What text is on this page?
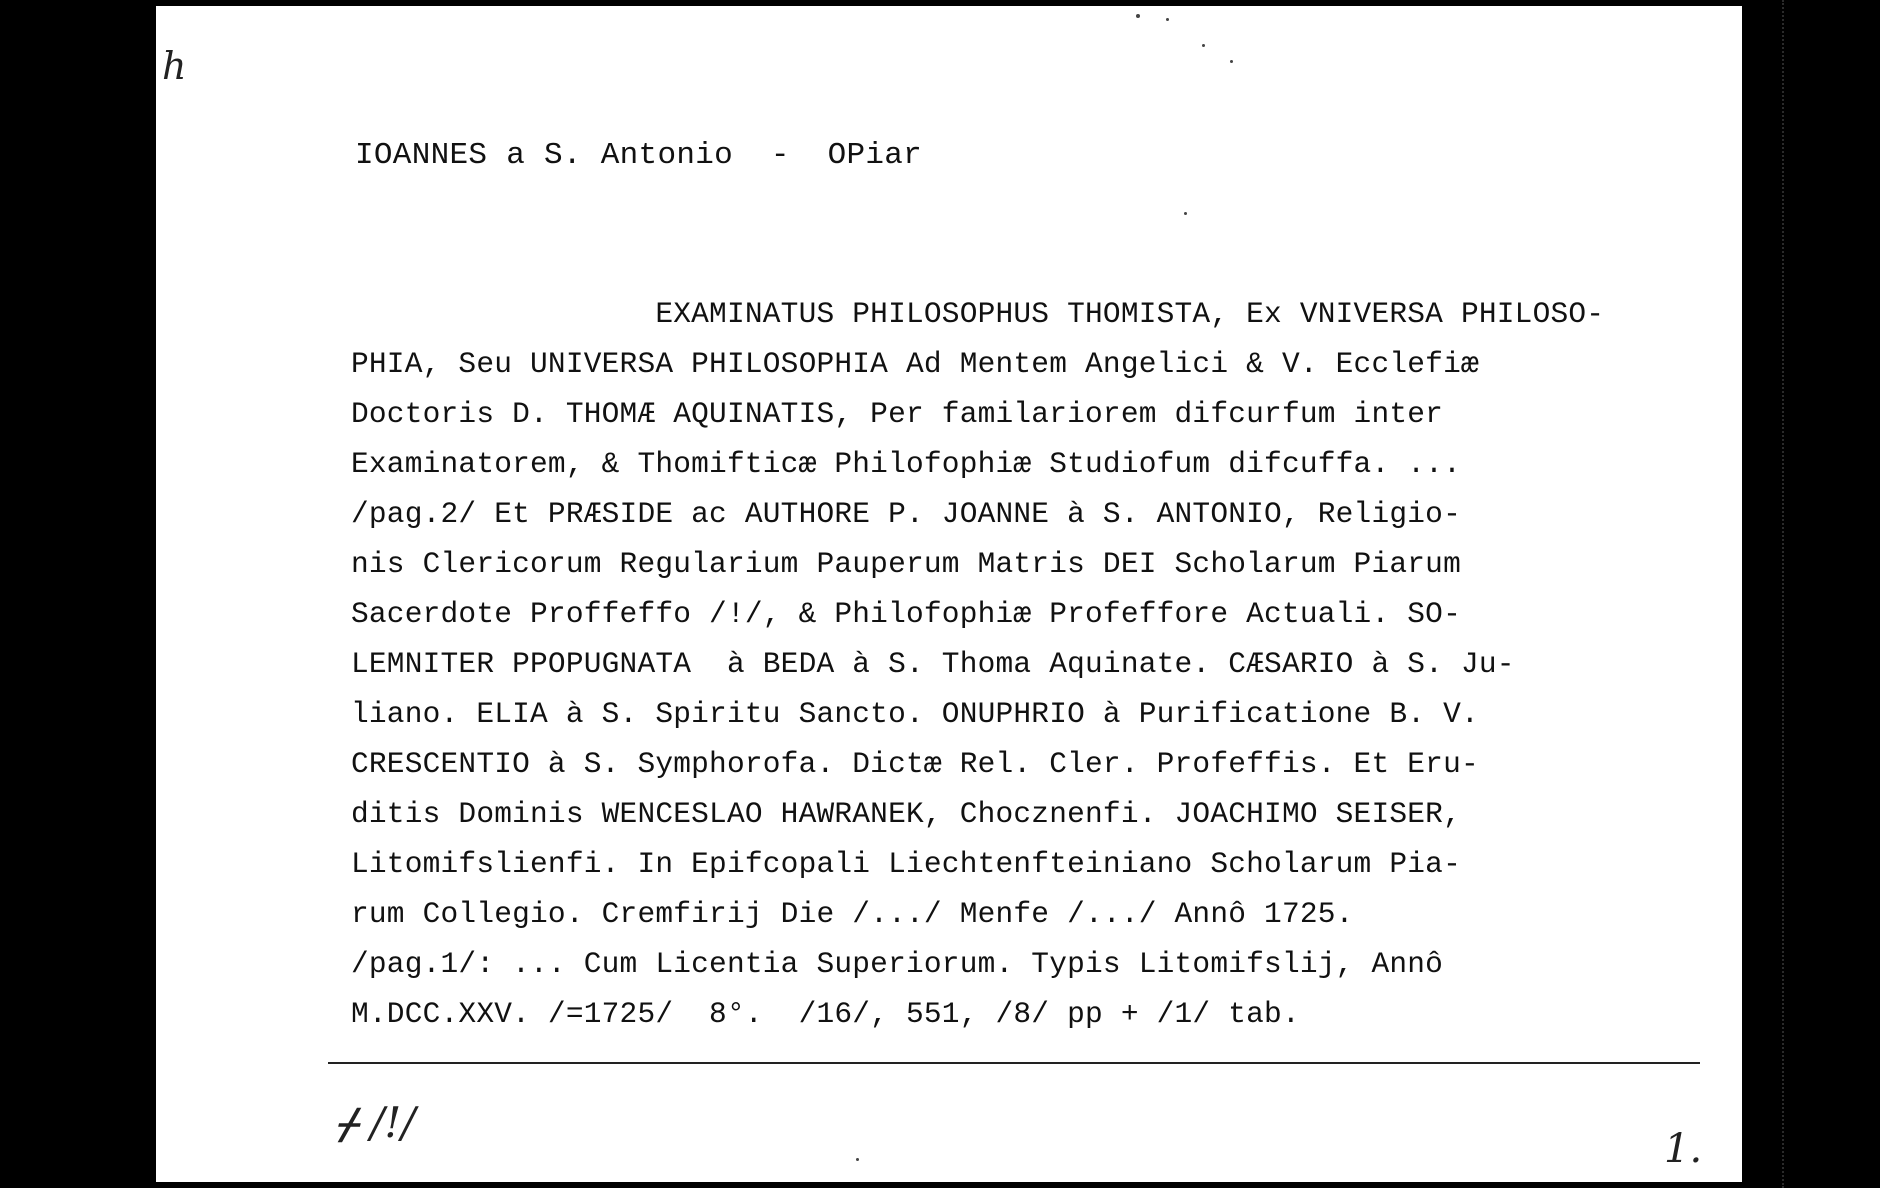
h
IOANNES a S. Antonio  -  OPiar
EXAMINATUS PHILOSOPHUS THOMISTA, Ex VNIVERSA PHILOSO-
PHIA, Seu UNIVERSA PHILOSOPHIA Ad Mentem Angelici & V. Ecclefiæ
Doctoris D. THOMÆ AQUINATIS, Per familariorem difcurfum inter
Examinatorem, & Thomifticæ Philofophiæ Studiofum difcuffa. ...
/pag.2/ Et PRÆSIDE ac AUTHORE P. JOANNE à S. ANTONIO, Religio-
nis Clericorum Regularium Pauperum Matris DEI Scholarum Piarum
Sacerdote Proffeffo /!/, & Philofophiæ Profeffore Actuali. SO-
LEMNITER PPOPUGNATA  à BEDA à S. Thoma Aquinate. CÆSARIO à S. Ju-
liano. ELIA à S. Spiritu Sancto. ONUPHRIO à Purificatione B. V.
CRESCENTIO à S. Symphorofa. Dictæ Rel. Cler. Profeffis. Et Eru-
ditis Dominis WENCESLAO HAWRANEK, Chocznenfi. JOACHIMO SEISER,
Litomifslienfi. In Epifcopali Liechtenfteiniano Scholarum Pia-
rum Collegio. Cremfirij Die /.../ Menfe /.../ Annô 1725.
/pag.1/: ... Cum Licentia Superiorum. Typis Litomifslij, Annô
M.DCC.XXV. /=1725/  8°.  /16/, 551, /8/ pp + /1/ tab.
ᚋ /!/
1.
